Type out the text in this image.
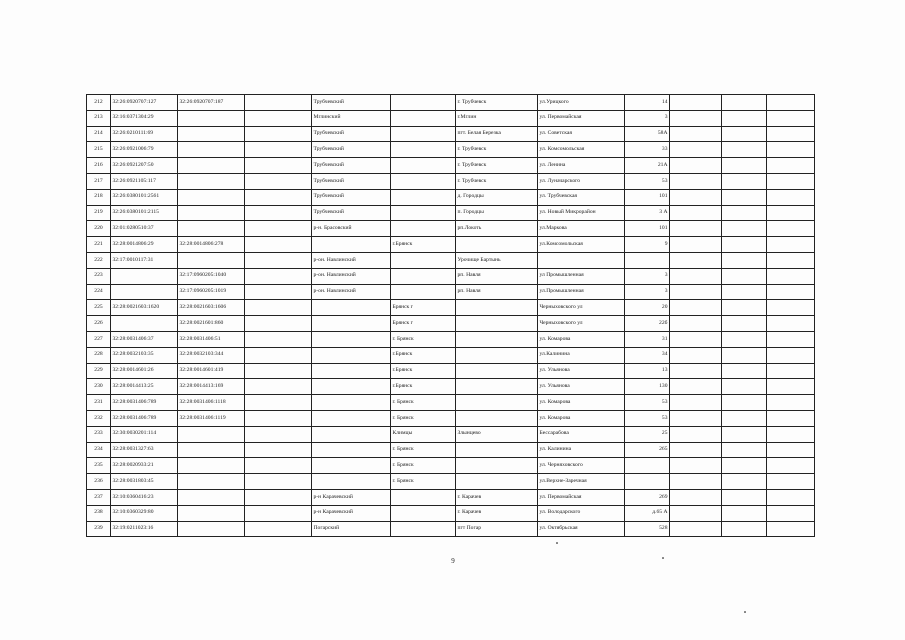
212	32:26:0920707:127	32:26:0920707:187		Трубчевский		г. Трубчевск	ул.Урицкого	14			
213	32:16:0371304:29			Мглинский		г.Мглин	ул. Первомайская	3			
214	32:26:0210111:69			Трубчевский		пгт. Белая Березка	ул. Советская	58А			
215	32:26:0921006:79			Трубчевский		г. Трубчевск	ул. Комсомольская	33			
216	32:26:0921207:50			Трубчевский		г. Трубчевск	ул. Ленина	21А			
217	32:26:0921105:117			Трубчевский		г. Трубчевск	ул. Луначарского	53			
218	32:26:0380101:2561			Трубчевский		д. Городцы	ул. Трубчевская	101			
219	32:26:0380101:2115			Трубчевский		п. Городцы	ул. Новый Микрорайон	3 А			
220	32:01:0280510:37			р-н. Брасовский		рп.Локоть	ул.Маркова	101			
221	32:28:0014806:29	32:28:0014806:278			г.Брянск		ул.Комсомольская	9			
222	32:17:0010117:31			р-он. Навлинский		Урочище Бартынь					
223		32:17:0960205:1040		р-он. Навлинский		рп. Навля	ул Промышленная	3			
224		32:17:0960205:1019		р-он. Навлинский		рп. Навля	ул.Промышленная	3			
225	32:28:0021603:1620	32:28:0021603:1606			Брянск г		Черныховского ул	20			
226		32:28:0021601:860			Брянск г		Черныховского ул	22б			
227	32:28:0031406:37	32:28:0031406:51			г. Брянск		ул. Комарова	31			
228	32:28:0032103:35	32:28:0032103:344			г.Брянск		ул.Калинина	34			
229	32:28:0014601:26	32:28:0014601:419			г.Брянск		ул. Ульянова	13			
230	32:28:0014413:25	32:28:0014413:169			г.Брянск		ул. Ульянова	130			
231	32:28:0031406:789	32:28:0031406:1118			г. Брянск		ул. Комарова	53			
232	32:28:0031406:789	32:28:0031406:1119			г. Брянск		ул. Комарова	53			
233	32:30:0030201:114				Климцы	Злынцево	Бессарабова	25			
234	32:28:0031327:63				г. Брянск		ул. Калинина	265			
235	32:28:0020933:21				г. Брянск		ул. Черняховского				
236	32:28:0031803:45				г. Брянск		ул.Верхне-Заречная				
237	32:10:0360416:23			р-н Карачевский		г. Карачев	ул. Первомайская	269			
238	32:10:0360329:80			р-н Карачевский		г. Карачев	ул. Володарского	д.65 А			
239	32:19:0211023:16			Погарский		пгт Погар	ул. Октябрьская	528			
9
